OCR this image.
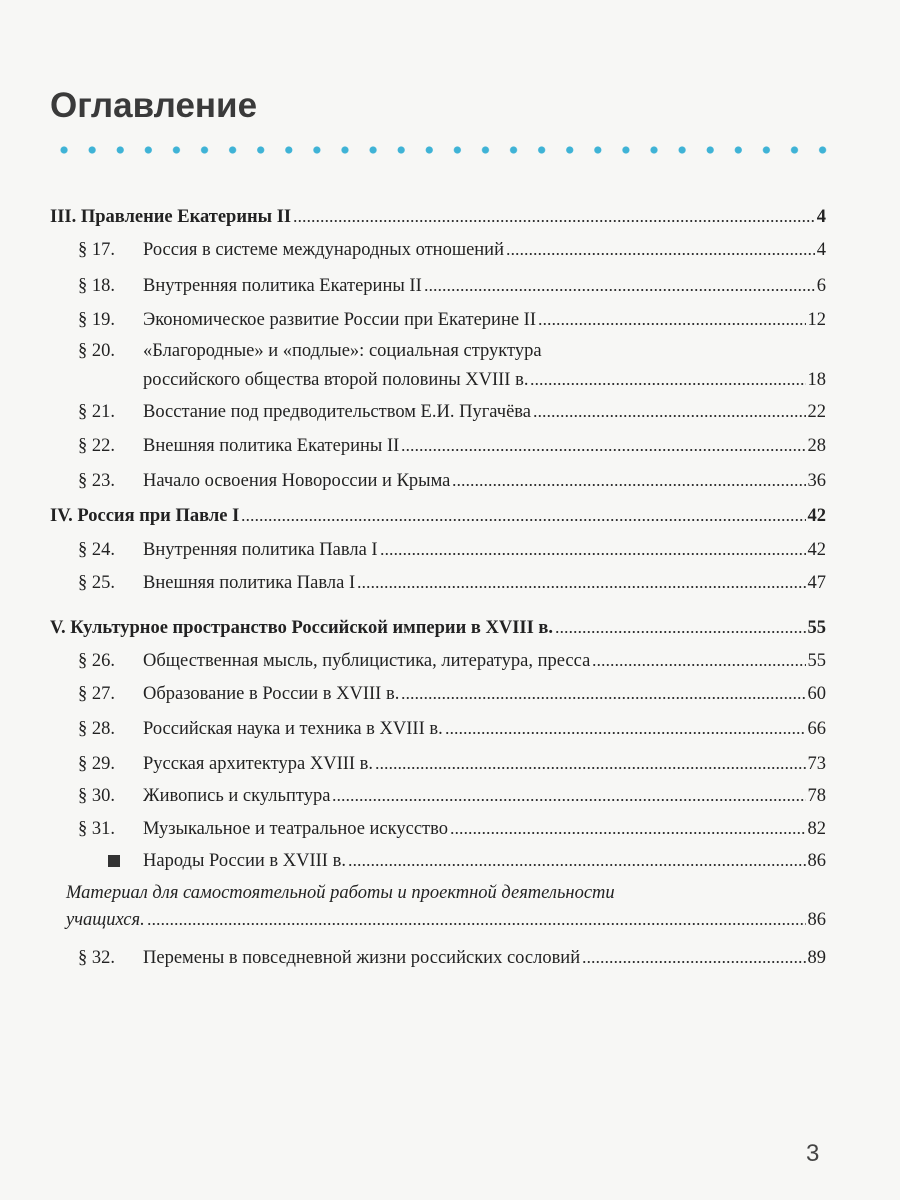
Оглавление
III. Правление Екатерины II	4
§ 17.	Россия в системе международных отношений	4
§ 18.	Внутренняя политика Екатерины II	6
§ 19.	Экономическое развитие России при Екатерине II	12
§ 20.	«Благородные» и «подлые»: социальная структура
российского общества второй половины XVIII в.	18
§ 21.	Восстание под предводительством Е.И. Пугачёва	22
§ 22.	Внешняя политика Екатерины II	28
§ 23.	Начало освоения Новороссии и Крыма	36
IV. Россия при Павле I	42
§ 24.	Внутренняя политика Павла I	42
§ 25.	Внешняя политика Павла I	47
V. Культурное пространство Российской империи в XVIII в.	55
§ 26.	Общественная мысль, публицистика, литература, пресса	55
§ 27.	Образование в России в XVIII в.	60
§ 28.	Российская наука и техника в XVIII в.	66
§ 29.	Русская архитектура XVIII в.	73
§ 30.	Живопись и скульптура	78
§ 31.	Музыкальное и театральное искусство	82
Народы России в XVIII в.	86
Материал для самостоятельной работы и проектной деятельности
учащихся.	86
§ 32.	Перемены в повседневной жизни российских сословий	89
3
